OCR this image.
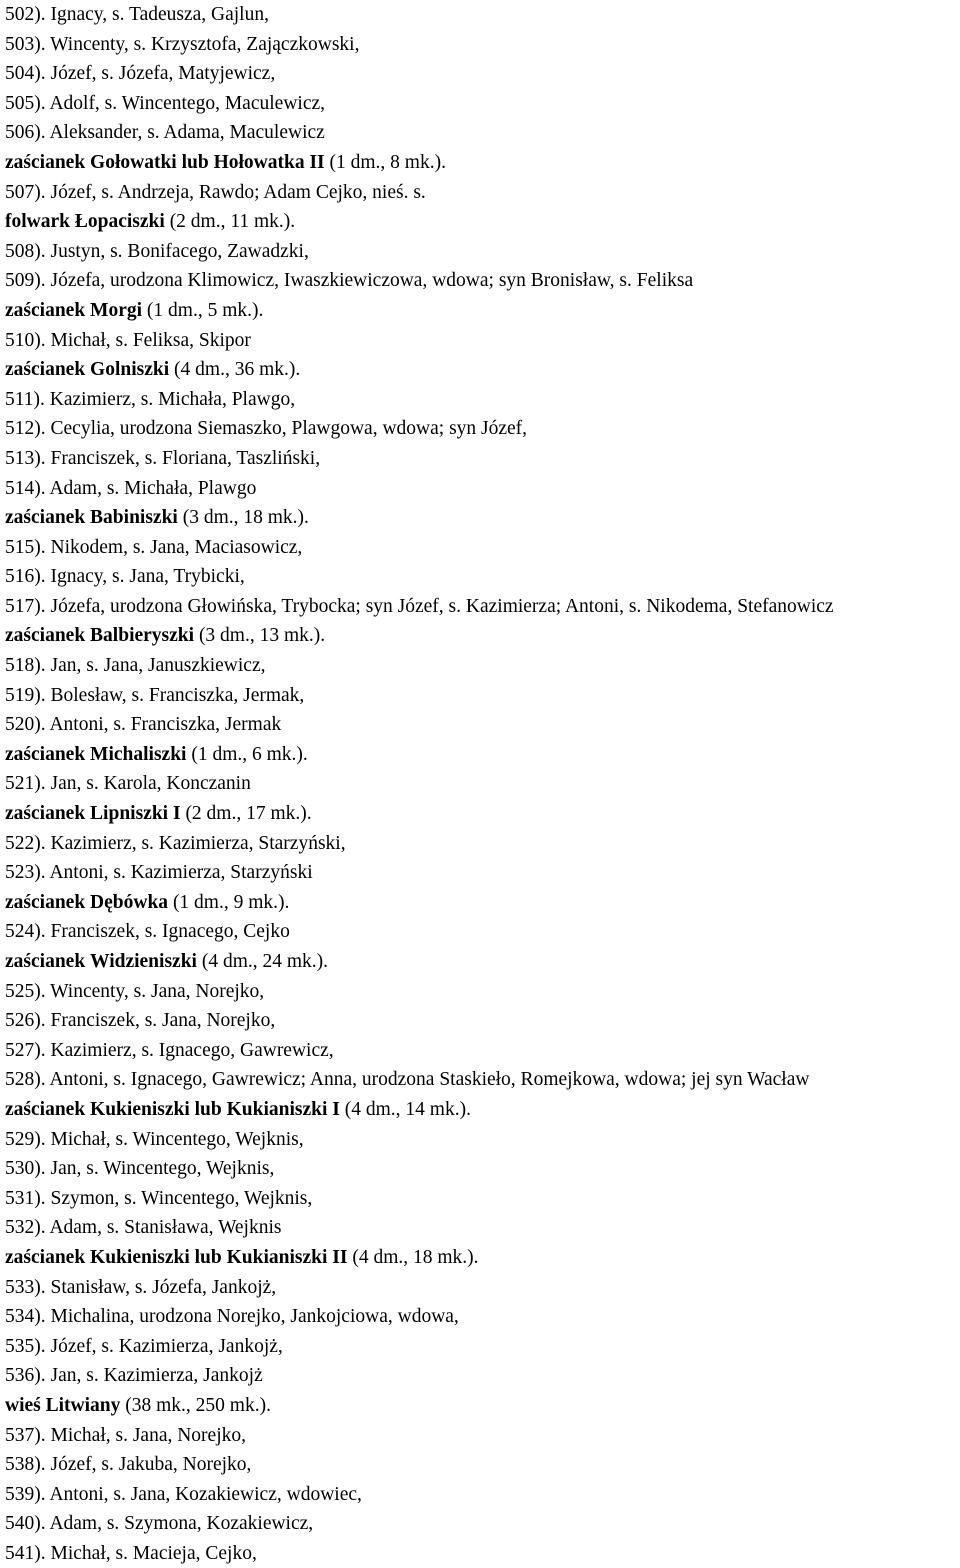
502). Ignacy, s. Tadeusza, Gajlun,
503). Wincenty, s. Krzysztofa, Zajączkowski,
504). Józef, s. Józefa, Matyjewicz,
505). Adolf, s. Wincentego, Maculewicz,
506). Aleksander, s. Adama, Maculewicz
zaścianek Gołowatki lub Hołowatka II (1 dm., 8 mk.).
507). Józef, s. Andrzeja, Rawdo; Adam Cejko, nieś. s.
folwark Łopaciszki (2 dm., 11 mk.).
508). Justyn, s. Bonifacego, Zawadzki,
509). Józefa, urodzona Klimowicz, Iwaszkiewiczowa, wdowa; syn Bronisław, s. Feliksa
zaścianek Morgi (1 dm., 5 mk.).
510). Michał, s. Feliksa, Skipor
zaścianek Golniszki (4 dm., 36 mk.).
511). Kazimierz, s. Michała, Plawgo,
512). Cecylia, urodzona Siemaszko, Plawgowa, wdowa; syn Józef,
513). Franciszek, s. Floriana, Taszliński,
514). Adam, s. Michała, Plawgo
zaścianek Babiniszki (3 dm., 18 mk.).
515). Nikodem, s. Jana, Maciasowicz,
516). Ignacy, s. Jana, Trybicki,
517). Józefa, urodzona Głowińska, Trybocka; syn Józef, s. Kazimierza; Antoni, s. Nikodema, Stefanowicz
zaścianek Balbieryszki (3 dm., 13 mk.).
518). Jan, s. Jana, Januszkiewicz,
519). Bolesław, s. Franciszka, Jermak,
520). Antoni, s. Franciszka, Jermak
zaścianek Michaliszki (1 dm., 6 mk.).
521). Jan, s. Karola, Konczanin
zaścianek Lipniszki I (2 dm., 17 mk.).
522). Kazimierz, s. Kazimierza, Starzyński,
523). Antoni, s. Kazimierza, Starzyński
zaścianek Dębówka (1 dm., 9 mk.).
524). Franciszek, s. Ignacego, Cejko
zaścianek Widzieniszki (4 dm., 24 mk.).
525). Wincenty, s. Jana, Norejko,
526). Franciszek, s. Jana, Norejko,
527). Kazimierz, s. Ignacego, Gawrewicz,
528). Antoni, s. Ignacego, Gawrewicz; Anna, urodzona Staskieło, Romejkowa, wdowa; jej syn Wacław
zaścianek Kukieniszki lub Kukianiszki I (4 dm., 14 mk.).
529). Michał, s. Wincentego, Wejknis,
530). Jan, s. Wincentego, Wejknis,
531). Szymon, s. Wincentego, Wejknis,
532). Adam, s. Stanisława, Wejknis
zaścianek Kukieniszki lub Kukianiszki II (4 dm., 18 mk.).
533). Stanisław, s. Józefa, Jankojż,
534). Michalina, urodzona Norejko, Jankojciowa, wdowa,
535). Józef, s. Kazimierza, Jankojż,
536). Jan, s. Kazimierza, Jankojż
wieś Litwiany (38 mk., 250 mk.).
537). Michał, s. Jana, Norejko,
538). Józef, s. Jakuba, Norejko,
539). Antoni, s. Jana, Kozakiewicz, wdowiec,
540). Adam, s. Szymona, Kozakiewicz,
541). Michał, s. Macieja, Cejko,
